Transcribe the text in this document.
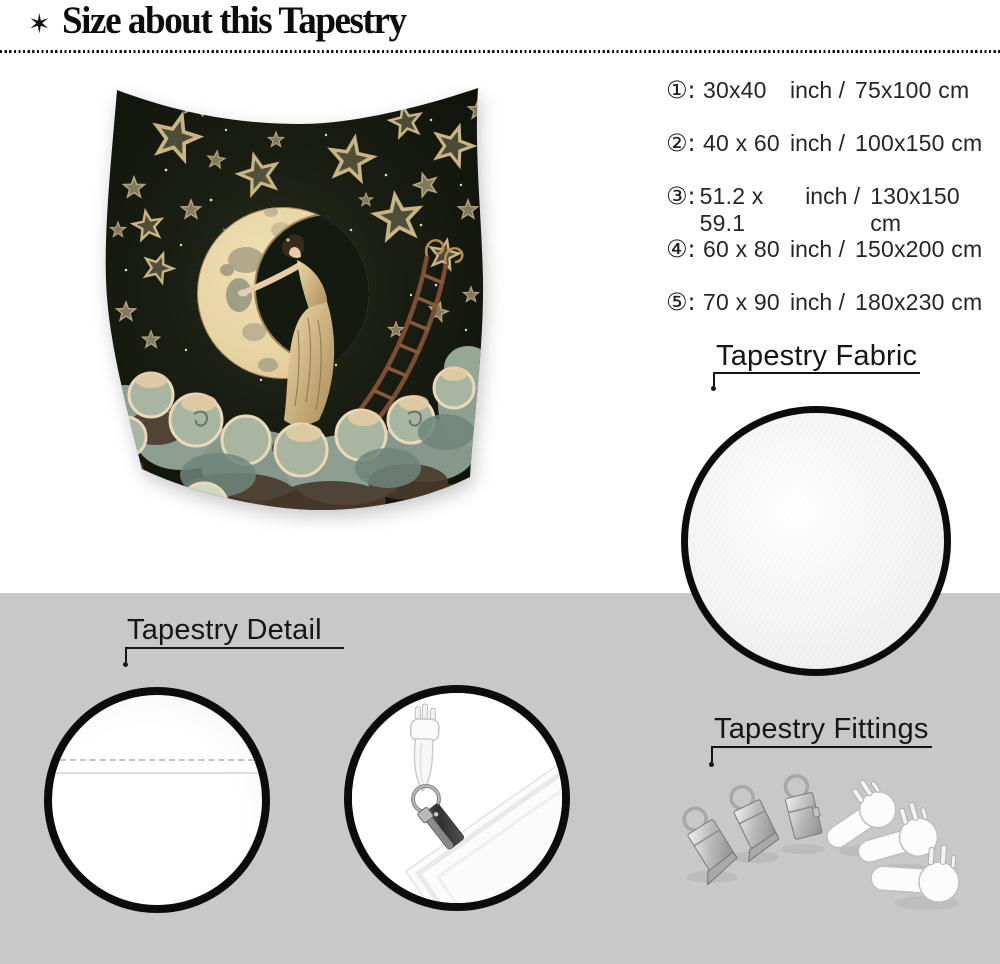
✶ Size about this Tapestry
①: 30x40	inch / 75x100 cm
②: 40 x 60 inch / 100x150 cm
③: 51.2 x 59.1
inch / 130x150 cm
④: 60 x 80 inch / 150x200 cm
⑤: 70 x 90 inch / 180x230 cm
Tapestry Fabric
Tapestry Detail
Tapestry Fittings
